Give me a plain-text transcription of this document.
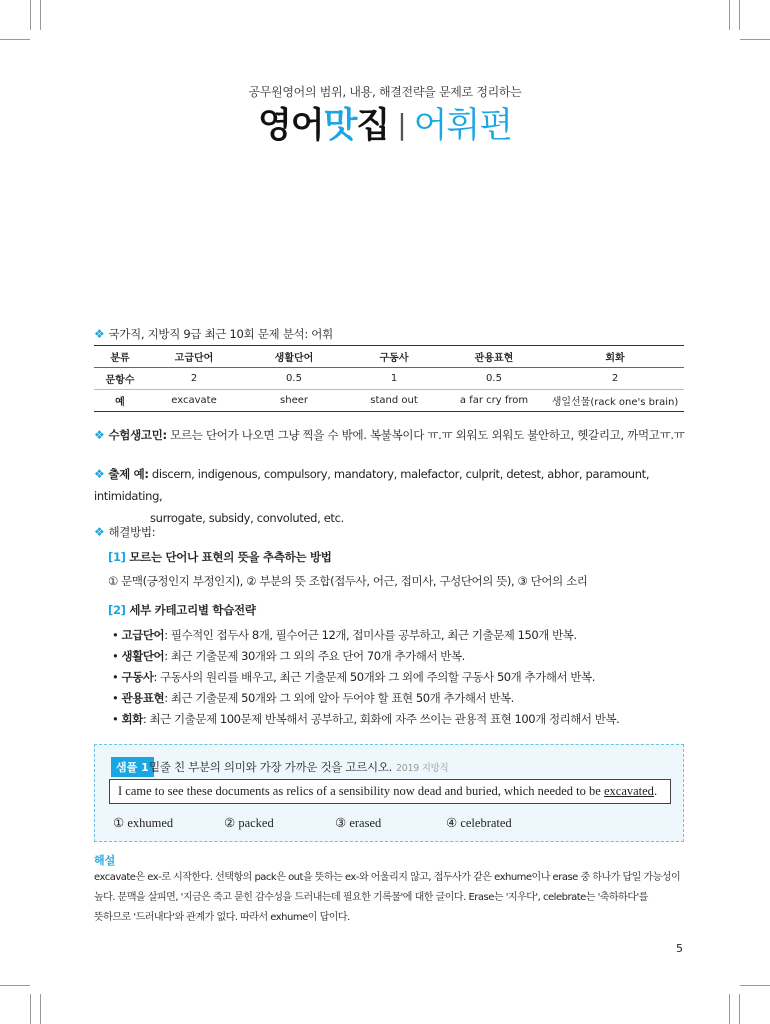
공무원영어의 범위, 내용, 해결전략을 문제로 정리하는
영어맛집 | 어휘편
❖ 국가직, 지방직 9급 최근 10회 문제 분석: 어휘
분류	고급단어	생활단어	구동사	관용표현	회화
문항수	2	0.5	1	0.5	2
예	excavate	sheer	stand out	a far cry from	생일선물(rack one's brain)
❖ 수험생고민: 모르는 단어가 나오면 그냥 찍을 수 밖에. 복불복이다 ㅠ.ㅠ 외워도 외워도 불안하고, 헷갈리고, 까먹고ㅠ.ㅠ
❖ 출제 예: discern, indigenous, compulsory, mandatory, malefactor, culprit, detest, abhor, paramount, intimidating,
surrogate, subsidy, convoluted, etc.
❖ 해결방법:
[1] 모르는 단어나 표현의 뜻을 추측하는 방법
① 문맥(긍정인지 부정인지), ② 부분의 뜻 조합(접두사, 어근, 접미사, 구성단어의 뜻), ③ 단어의 소리
[2] 세부 카테고리별 학습전략
• 고급단어: 필수적인 접두사 8개, 필수어근 12개, 접미사를 공부하고, 최근 기출문제 150개 반복.
• 생활단어: 최근 기출문제 30개와 그 외의 주요 단어 70개 추가해서 반복.
• 구동사: 구동사의 원리를 배우고, 최근 기출문제 50개와 그 외에 주의할 구동사 50개 추가해서 반복.
• 관용표현: 최근 기출문제 50개와 그 외에 알아 두어야 할 표현 50개 추가해서 반복.
• 회화: 최근 기출문제 100문제 반복해서 공부하고, 회화에 자주 쓰이는 관용적 표현 100개 정리해서 반복.
샘플 1 밑줄 친 부분의 의미와 가장 가까운 것을 고르시오. 2019 지방직
I came to see these documents as relics of a sensibility now dead and buried, which needed to be excavated.
① exhumed	② packed	③ erased	④ celebrated
해설
excavate은 ex-로 시작한다. 선택항의 pack은 out을 뜻하는 ex-와 어울리지 않고, 접두사가 같은 exhume이나 erase 중 하나가 답일 가능성이
높다. 문맥을 살피면, '지금은 죽고 묻힌 감수성을 드러내는데 필요한 기록물'에 대한 글이다. Erase는 '지우다', celebrate는 '축하하다'를
뜻하므로 '드러내다'와 관계가 없다. 따라서 exhume이 답이다.
5
